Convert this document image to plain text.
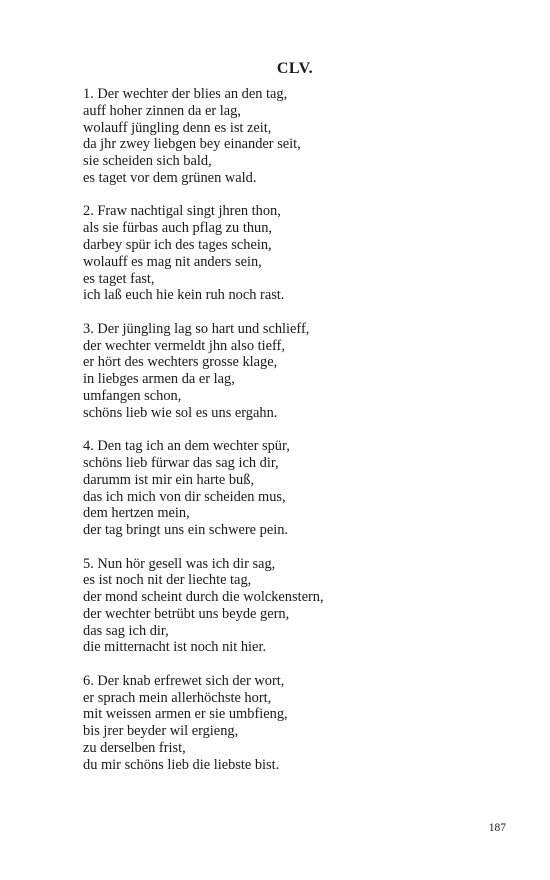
CLV.
1. Der wechter der blies an den tag,
auff hoher zinnen da er lag,
wolauff jüngling denn es ist zeit,
da jhr zwey liebgen bey einander seit,
sie scheiden sich bald,
es taget vor dem grünen wald.
2. Fraw nachtigal singt jhren thon,
als sie fürbas auch pflag zu thun,
darbey spür ich des tages schein,
wolauff es mag nit anders sein,
es taget fast,
ich laß euch hie kein ruh noch rast.
3. Der jüngling lag so hart und schlieff,
der wechter vermeldt jhn also tieff,
er hört des wechters grosse klage,
in liebges armen da er lag,
umfangen schon,
schöns lieb wie sol es uns ergahn.
4. Den tag ich an dem wechter spür,
schöns lieb fürwar das sag ich dir,
darumm ist mir ein harte buß,
das ich mich von dir scheiden mus,
dem hertzen mein,
der tag bringt uns ein schwere pein.
5. Nun hör gesell was ich dir sag,
es ist noch nit der liechte tag,
der mond scheint durch die wolckenstern,
der wechter betrübt uns beyde gern,
das sag ich dir,
die mitternacht ist noch nit hier.
6. Der knab erfrewet sich der wort,
er sprach mein allerhöchste hort,
mit weissen armen er sie umbfieng,
bis jrer beyder wil ergieng,
zu derselben frist,
du mir schöns lieb die liebste bist.
187
